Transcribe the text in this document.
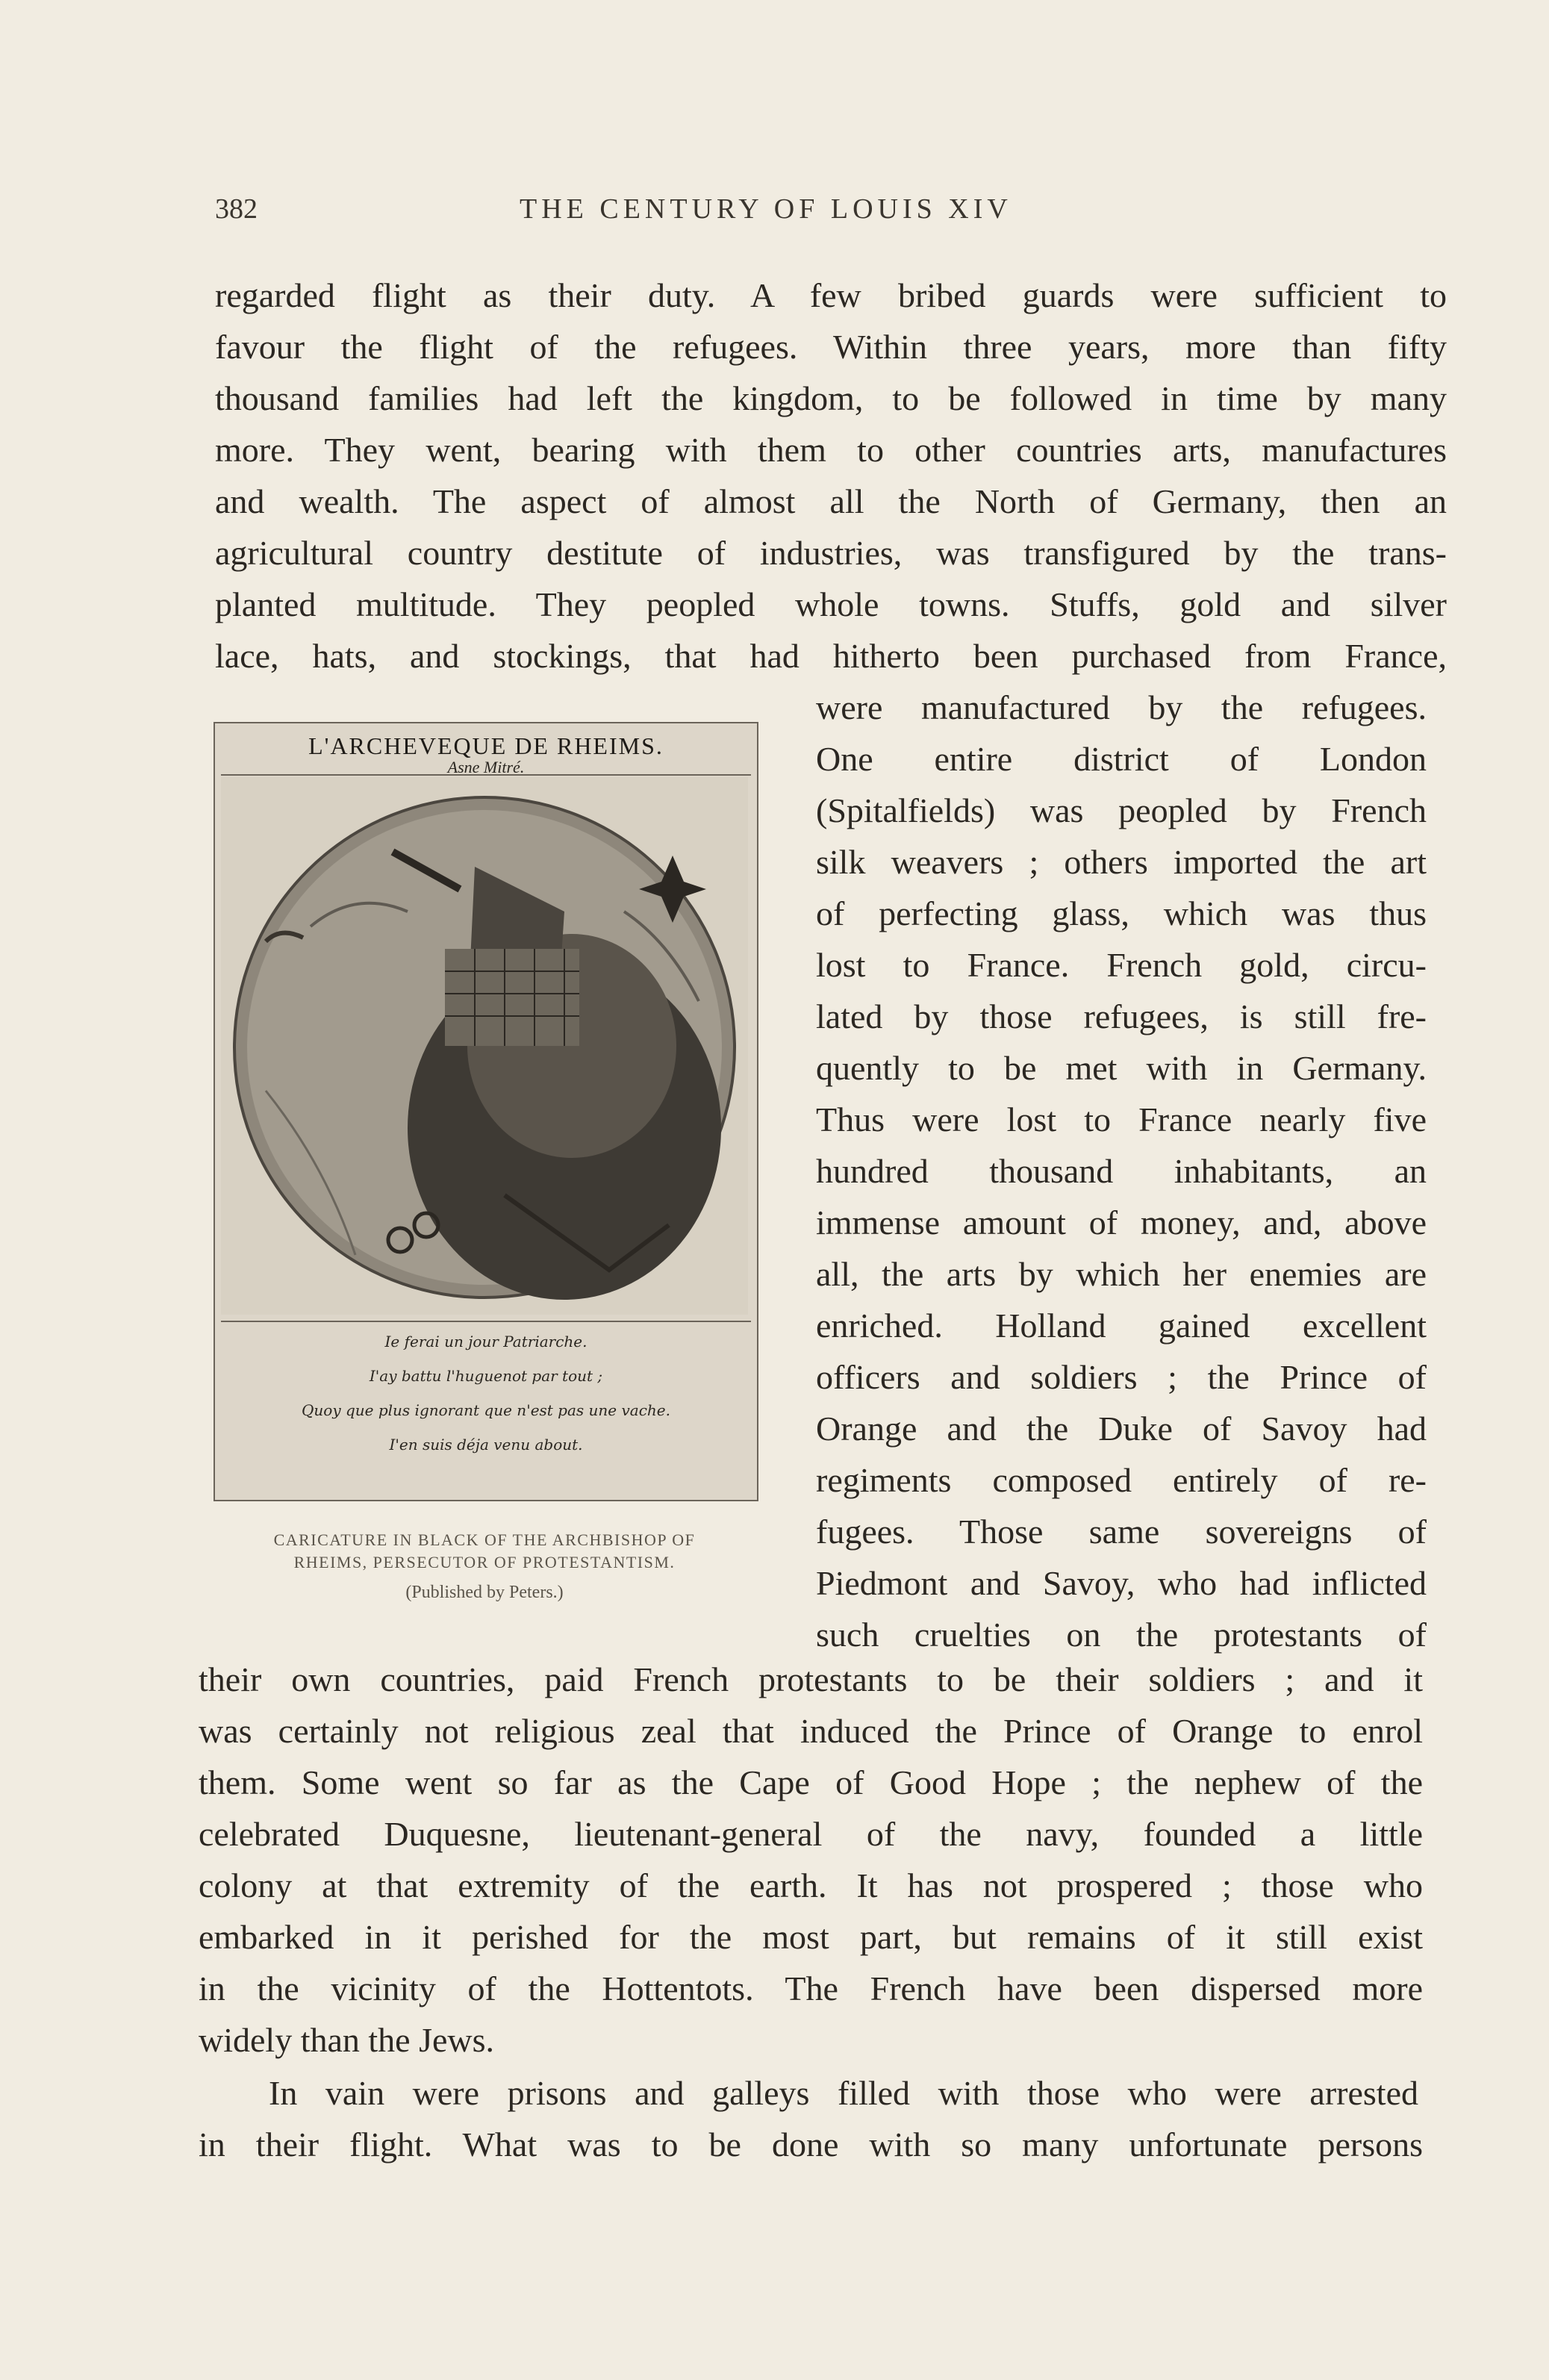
382	THE CENTURY OF LOUIS XIV
regarded flight as their duty. A few bribed guards were sufficient to
favour the flight of the refugees. Within three years, more than fifty
thousand families had left the kingdom, to be followed in time by many
more. They went, bearing with them to other countries arts, manufactures
and wealth. The aspect of almost all the North of Germany, then an
agricultural country destitute of industries, was transfigured by the trans-
planted multitude. They peopled whole towns. Stuffs, gold and silver
lace, hats, and stockings, that had hitherto been purchased from France,
were manufactured by the refugees.
One entire district of London
(Spitalfields) was peopled by French
silk weavers ; others imported the art
of perfecting glass, which was thus
lost to France. French gold, circu-
lated by those refugees, is still fre-
quently to be met with in Germany.
Thus were lost to France nearly five
hundred thousand inhabitants, an
immense amount of money, and, above
all, the arts by which her enemies are
enriched. Holland gained excellent
officers and soldiers ; the Prince of
Orange and the Duke of Savoy had
regiments composed entirely of re-
fugees. Those same sovereigns of
Piedmont and Savoy, who had inflicted
such cruelties on the protestants of
their own countries, paid French protestants to be their soldiers ; and it
was certainly not religious zeal that induced the Prince of Orange to enrol
them. Some went so far as the Cape of Good Hope ; the nephew of the
celebrated Duquesne, lieutenant-general of the navy, founded a little
colony at that extremity of the earth. It has not prospered ; those who
embarked in it perished for the most part, but remains of it still exist
in the vicinity of the Hottentots. The French have been dispersed more
widely than the Jews.
In vain were prisons and galleys filled with those who were arrested
in their flight. What was to be done with so many unfortunate persons
L'ARCHEVEQUE DE RHEIMS.
Asne Mitré.
Ie ferai un jour Patriarche.
I'ay battu l'huguenot par tout ;
Quoy que plus ignorant que n'est pas une vache.
I'en suis déja venu about.
CARICATURE IN BLACK OF THE ARCHBISHOP OF
RHEIMS, PERSECUTOR OF PROTESTANTISM.
(Published by Peters.)
